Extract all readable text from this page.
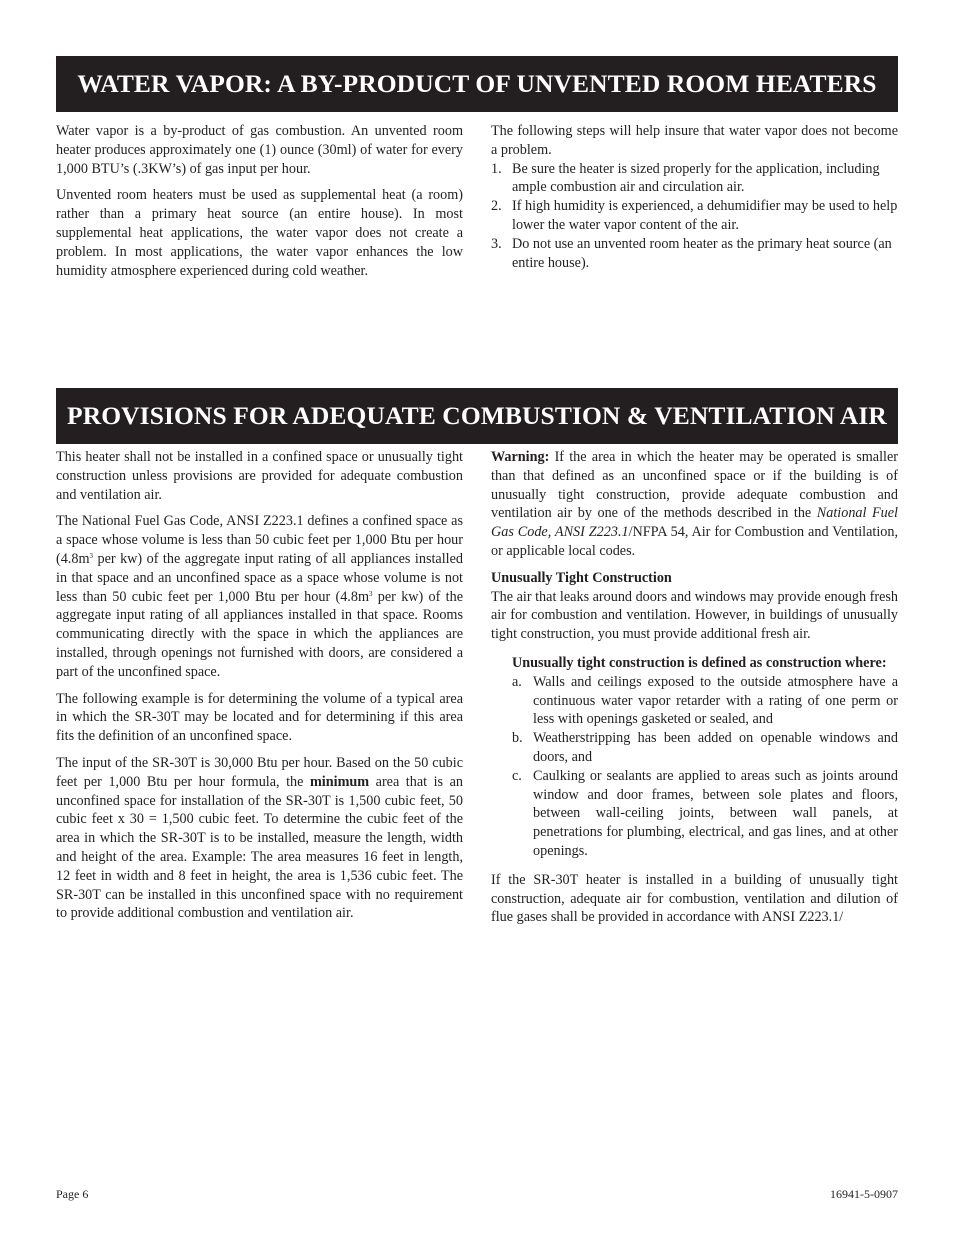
WATER VAPOR: A BY-PRODUCT OF UNVENTED ROOM HEATERS

Water vapor is a by-product of gas combustion. An unvented room heater produces approximately one (1) ounce (30ml) of water for every 1,000 BTU’s (.3KW’s) of gas input per hour.

Unvented room heaters must be used as supplemental heat (a room) rather than a primary heat source (an entire house). In most supplemental heat applications, the water vapor does not create a problem. In most applications, the water vapor enhances the low humidity atmosphere experienced during cold weather.

The following steps will help insure that water vapor does not become a problem.

1. Be sure the heater is sized properly for the application, including ample combustion air and circulation air.
2. If high humidity is experienced, a dehumidifier may be used to help lower the water vapor content of the air.
3. Do not use an unvented room heater as the primary heat source (an entire house).
PROVISIONS FOR ADEQUATE COMBUSTION & VENTILATION AIR

This heater shall not be installed in a confined space or unusually tight construction unless provisions are provided for adequate combustion and ventilation air.

The National Fuel Gas Code, ANSI Z223.1 defines a confined space as a space whose volume is less than 50 cubic feet per 1,000 Btu per hour ($4.8m^3$ per kw) of the aggregate input rating of all appliances installed in that space and an unconfined space as a space whose volume is not less than 50 cubic feet per 1,000 Btu per hour ($4.8m^3$ per kw) of the aggregate input rating of all appliances installed in that space. Rooms communicating directly with the space in which the appliances are installed, through openings not furnished with doors, are considered a part of the unconfined space.

The following example is for determining the volume of a typical area in which the SR-30T may be located and for determining if this area fits the definition of an unconfined space.

The input of the SR-30T is 30,000 Btu per hour. Based on the 50 cubic feet per 1,000 Btu per hour formula, the minimum area that is an unconfined space for installation of the SR-30T is 1,500 cubic feet, 50 cubic feet x 30 = 1,500 cubic feet. To determine the cubic feet of the area in which the SR-30T is to be installed, measure the length, width and height of the area. Example: The area measures 16 feet in length, 12 feet in width and 8 feet in height, the area is 1,536 cubic feet. The SR-30T can be installed in this unconfined space with no requirement to provide additional combustion and ventilation air.

Warning: If the area in which the heater may be operated is smaller than that defined as an unconfined space or if the building is of unusually tight construction, provide adequate combustion and ventilation air by one of the methods described in the National Fuel Gas Code, ANSI Z223.1/NFPA 54, Air for Combustion and Ventilation, or applicable local codes.

Unusually Tight Construction
The air that leaks around doors and windows may provide enough fresh air for combustion and ventilation. However, in buildings of unusually tight construction, you must provide additional fresh air.

Unusually tight construction is defined as construction where:

a. Walls and ceilings exposed to the outside atmosphere have a continuous water vapor retarder with a rating of one perm or less with openings gasketed or sealed, and
b. Weatherstripping has been added on openable windows and doors, and
c. Caulking or sealants are applied to areas such as joints around window and door frames, between sole plates and floors, between wall-ceiling joints, between wall panels, at penetrations for plumbing, electrical, and gas lines, and at other openings.

If the SR-30T heater is installed in a building of unusually tight construction, adequate air for combustion, ventilation and dilution of flue gases shall be provided in accordance with ANSI Z223.1/

Page 6	16941-5-0907
